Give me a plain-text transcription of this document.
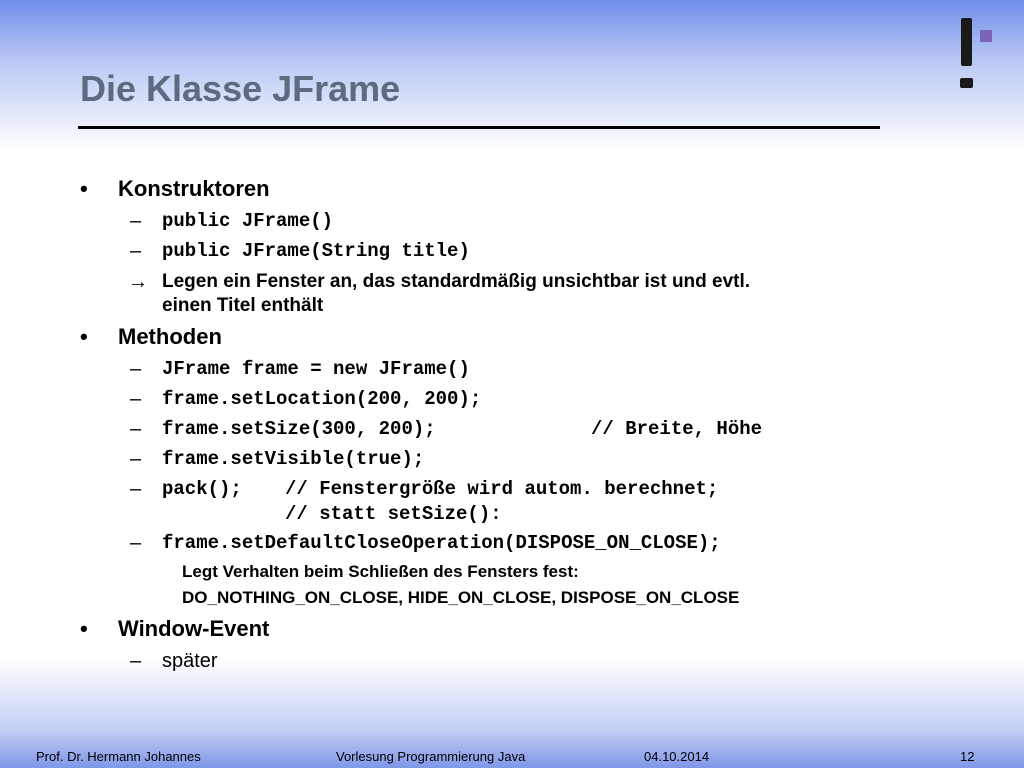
Die Klasse JFrame
• Konstruktoren
– public JFrame()
– public JFrame(String title)
→ Legen ein Fenster an, das standardmäßig unsichtbar ist und evtl.
einen Titel enthält
• Methoden
– JFrame frame = new JFrame()
– frame.setLocation(200, 200);
– frame.setSize(300, 200);	// Breite, Höhe
– frame.setVisible(true);
– pack(); // Fenstergröße wird autom. berechnet;
// statt setSize():
– frame.setDefaultCloseOperation(DISPOSE_ON_CLOSE);
Legt Verhalten beim Schließen des Fensters fest:
DO_NOTHING_ON_CLOSE, HIDE_ON_CLOSE, DISPOSE_ON_CLOSE
• Window-Event
– später
Prof. Dr. Hermann Johannes	Vorlesung Programmierung Java	04.10.2014	12
